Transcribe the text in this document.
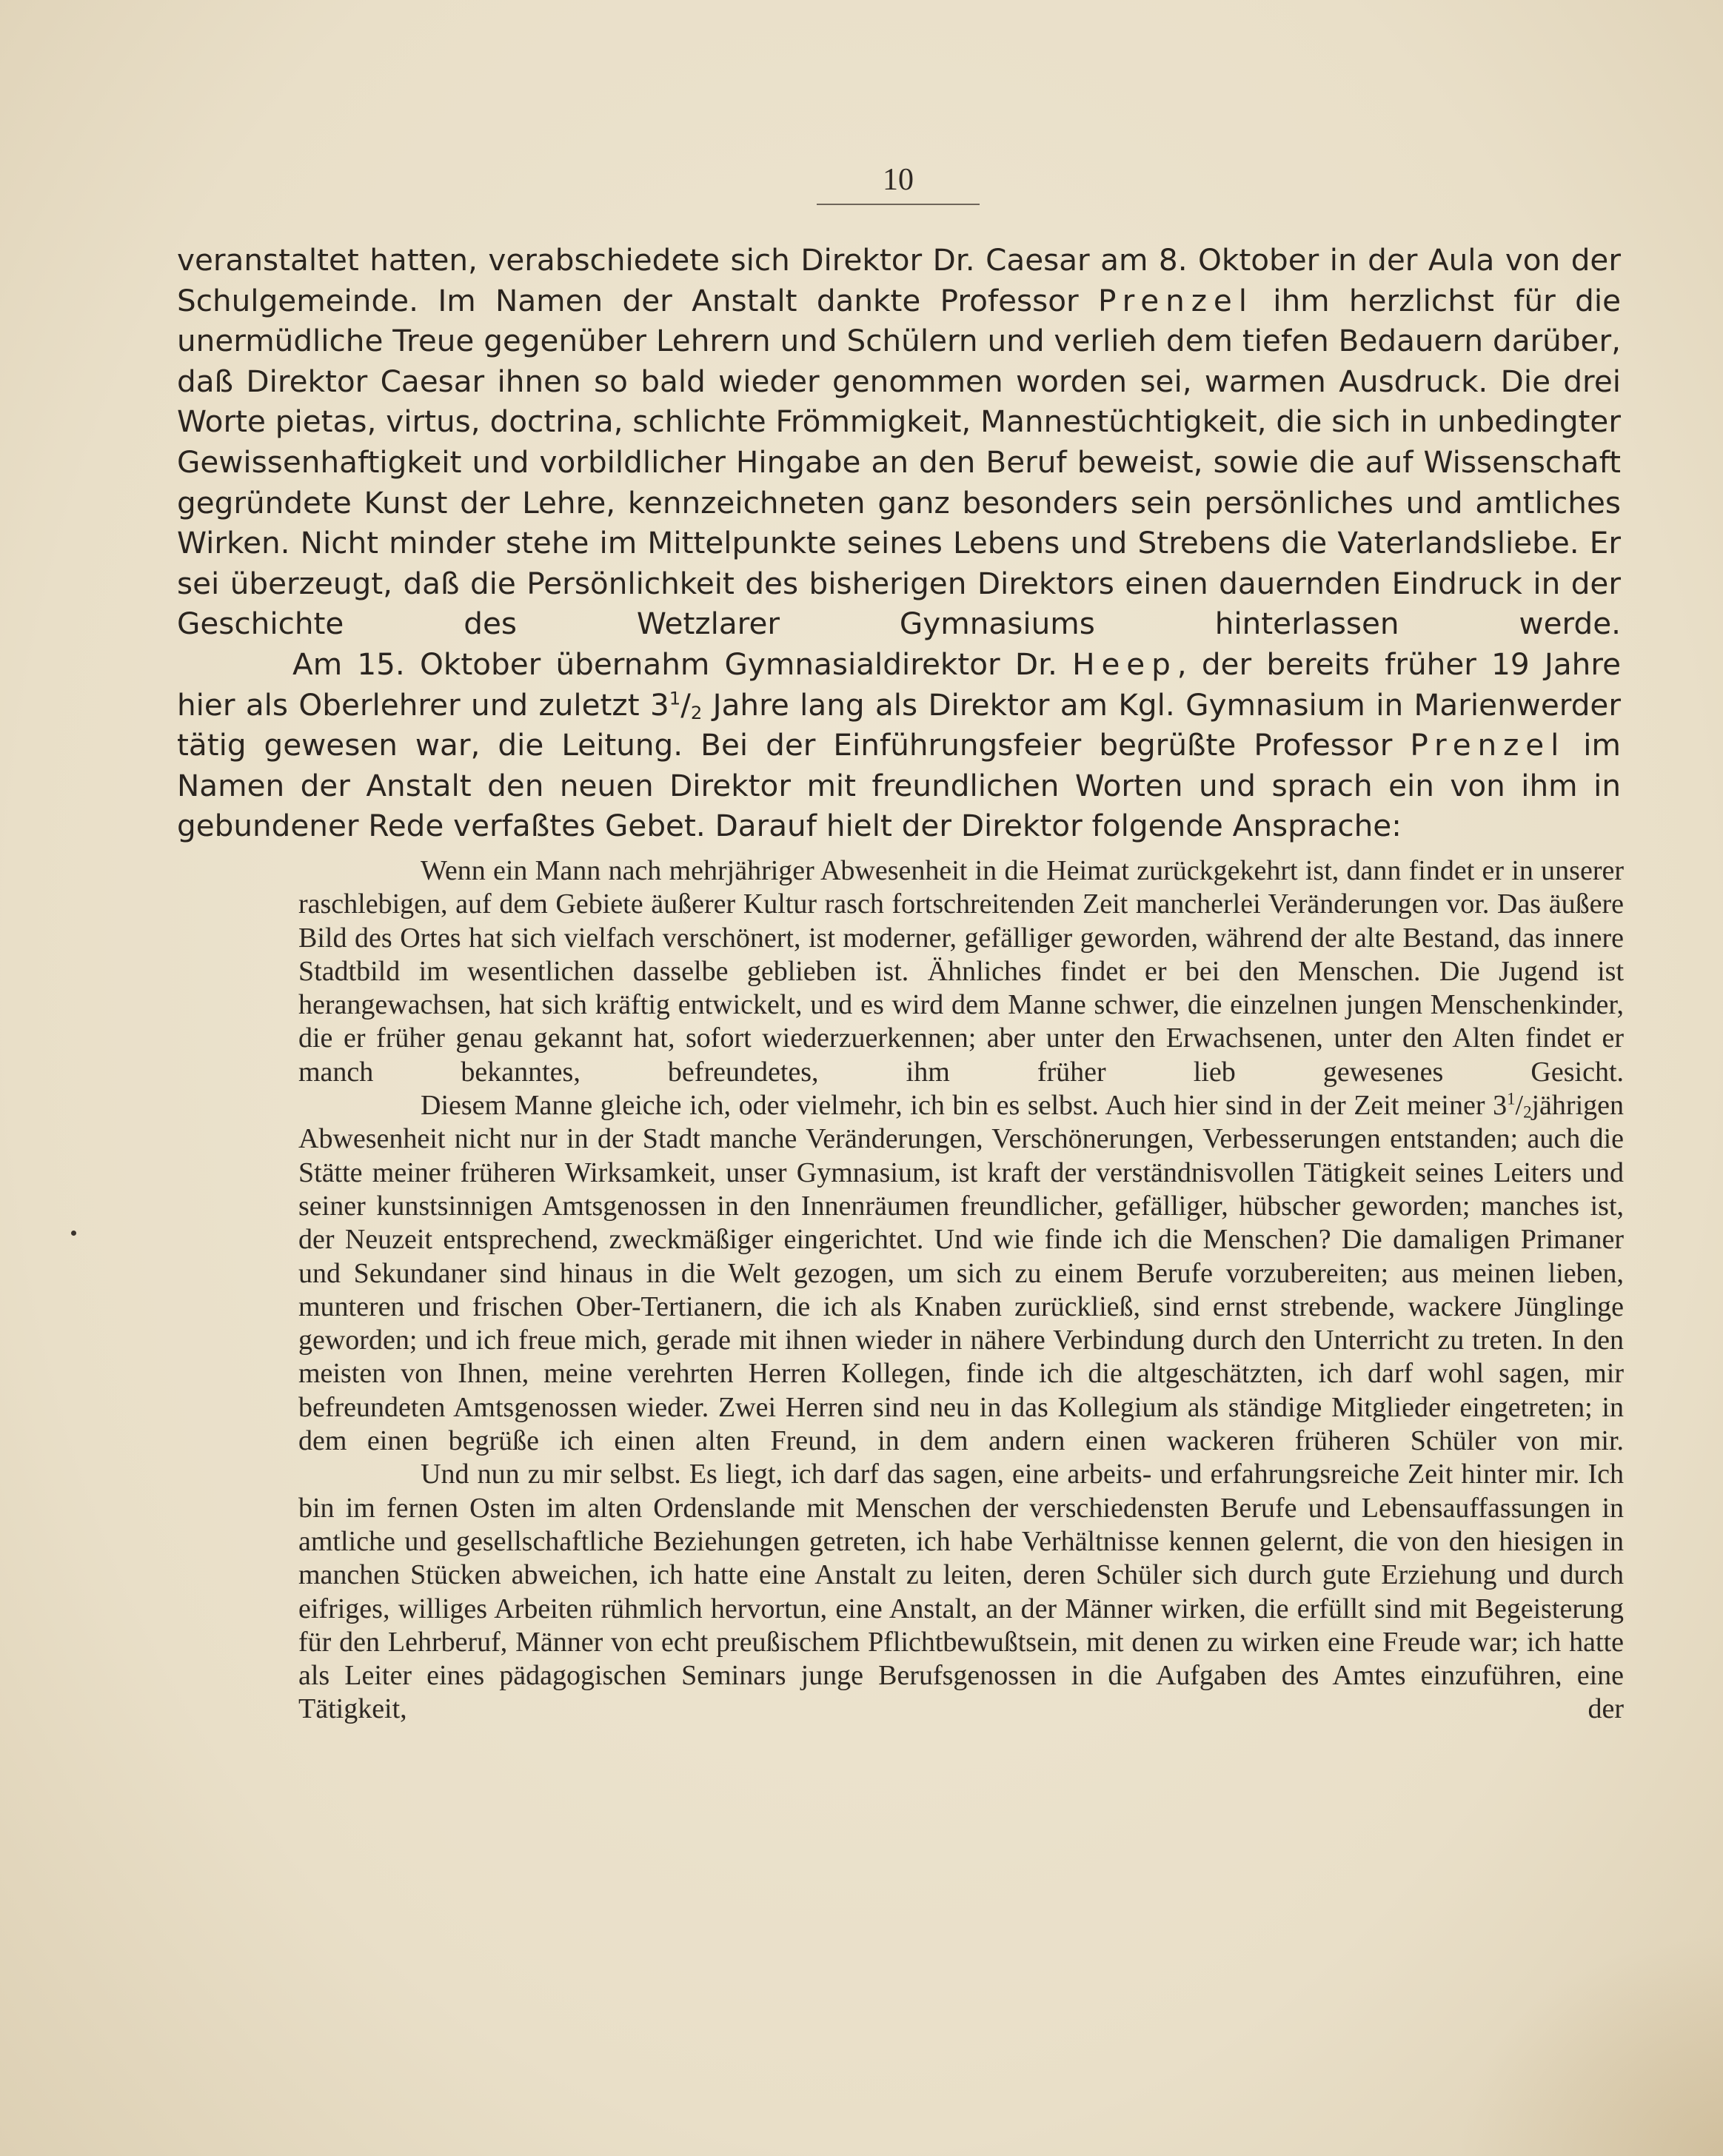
10

veranstaltet hatten, verabschiedete sich Direktor Dr. Caesar am 8. Oktober in der Aula von der Schulgemeinde. Im Namen der Anstalt dankte Professor Prenzel ihm herzlichst für die unermüdliche Treue gegenüber Lehrern und Schülern und verlieh dem tiefen Bedauern darüber, daß Direktor Caesar ihnen so bald wieder genommen worden sei, warmen Ausdruck. Die drei Worte pietas, virtus, doctrina, schlichte Frömmigkeit, Mannestüchtigkeit, die sich in unbedingter Gewissenhaftigkeit und vorbildlicher Hingabe an den Beruf beweist, sowie die auf Wissenschaft gegründete Kunst der Lehre, kennzeichneten ganz besonders sein persönliches und amtliches Wirken. Nicht minder stehe im Mittelpunkte seines Lebens und Strebens die Vaterlandsliebe. Er sei überzeugt, daß die Persönlichkeit des bisherigen Direktors einen dauernden Eindruck in der Geschichte des Wetzlarer Gymnasiums hinterlassen werde.

Am 15. Oktober übernahm Gymnasialdirektor Dr. Heep, der bereits früher 19 Jahre hier als Oberlehrer und zuletzt $3^1/_2$ Jahre lang als Direktor am Kgl. Gymnasium in Marienwerder tätig gewesen war, die Leitung. Bei der Einführungsfeier begrüßte Professor Prenzel im Namen der Anstalt den neuen Direktor mit freundlichen Worten und sprach ein von ihm in gebundener Rede verfaßtes Gebet. Darauf hielt der Direktor folgende Ansprache:

Wenn ein Mann nach mehrjähriger Abwesenheit in die Heimat zurückgekehrt ist, dann findet er in unserer raschlebigen, auf dem Gebiete äußerer Kultur rasch fortschreitenden Zeit mancherlei Veränderungen vor. Das äußere Bild des Ortes hat sich vielfach verschönert, ist moderner, gefälliger geworden, während der alte Bestand, das innere Stadtbild im wesentlichen dasselbe geblieben ist. Ähnliches findet er bei den Menschen. Die Jugend ist herangewachsen, hat sich kräftig entwickelt, und es wird dem Manne schwer, die einzelnen jungen Menschenkinder, die er früher genau gekannt hat, sofort wiederzuerkennen; aber unter den Erwachsenen, unter den Alten findet er manch bekanntes, befreundetes, ihm früher lieb gewesenes Gesicht.

Diesem Manne gleiche ich, oder vielmehr, ich bin es selbst. Auch hier sind in der Zeit meiner $3^1/_2jährigen$ Abwesenheit nicht nur in der Stadt manche Veränderungen, Verschönerungen, Verbesserungen entstanden; auch die Stätte meiner früheren Wirksamkeit, unser Gymnasium, ist kraft der verständnisvollen Tätigkeit seines Leiters und seiner kunstsinnigen Amtsgenossen in den Innenräumen freundlicher, gefälliger, hübscher geworden; manches ist, der Neuzeit entsprechend, zweckmäßiger eingerichtet. Und wie finde ich die Menschen? Die damaligen Primaner und Sekundaner sind hinaus in die Welt gezogen, um sich zu einem Berufe vorzubereiten; aus meinen lieben, munteren und frischen Ober-Tertianern, die ich als Knaben zurückließ, sind ernst strebende, wackere Jünglinge geworden; und ich freue mich, gerade mit ihnen wieder in nähere Verbindung durch den Unterricht zu treten. In den meisten von Ihnen, meine verehrten Herren Kollegen, finde ich die altgeschätzten, ich darf wohl sagen, mir befreundeten Amtsgenossen wieder. Zwei Herren sind neu in das Kollegium als ständige Mitglieder eingetreten; in dem einen begrüße ich einen alten Freund, in dem andern einen wackeren früheren Schüler von mir.

Und nun zu mir selbst. Es liegt, ich darf das sagen, eine arbeits- und erfahrungsreiche Zeit hinter mir. Ich bin im fernen Osten im alten Ordenslande mit Menschen der verschiedensten Berufe und Lebensauffassungen in amtliche und gesellschaftliche Beziehungen getreten, ich habe Verhältnisse kennen gelernt, die von den hiesigen in manchen Stücken abweichen, ich hatte eine Anstalt zu leiten, deren Schüler sich durch gute Erziehung und durch eifriges, williges Arbeiten rühmlich hervortun, eine Anstalt, an der Männer wirken, die erfüllt sind mit Begeisterung für den Lehrberuf, Männer von echt preußischem Pflichtbewußtsein, mit denen zu wirken eine Freude war; ich hatte als Leiter eines pädagogischen Seminars junge Berufsgenossen in die Aufgaben des Amtes einzuführen, eine Tätigkeit, der
